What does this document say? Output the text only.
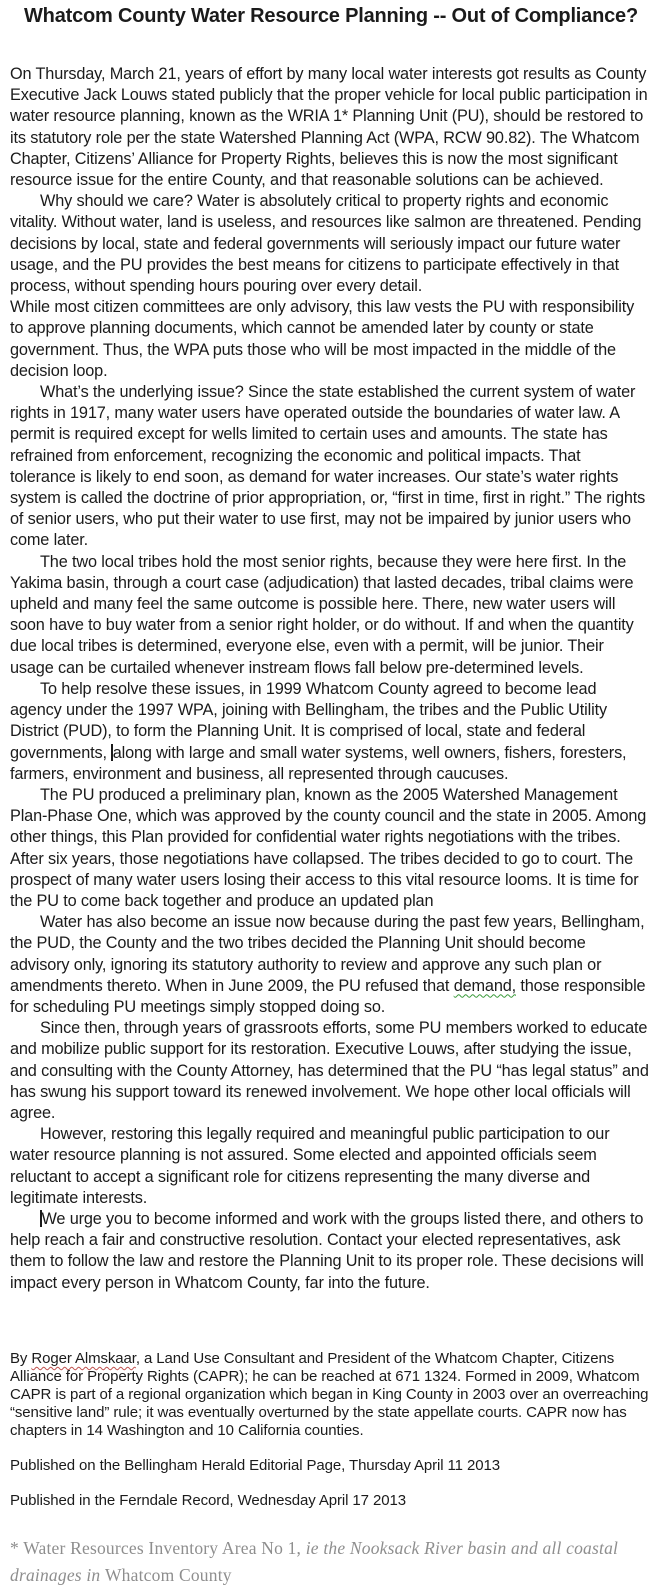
Whatcom County Water Resource Planning -- Out of Compliance?

On Thursday, March 21, years of effort by many local water interests got results as County Executive Jack Louws stated publicly that the proper vehicle for local public participation in water resource planning, known as the WRIA 1* Planning Unit (PU), should be restored to its statutory role per the state Watershed Planning Act (WPA, RCW 90.82). The Whatcom Chapter, Citizens’ Alliance for Property Rights, believes this is now the most significant resource issue for the entire County, and that reasonable solutions can be achieved.

Why should we care? Water is absolutely critical to property rights and economic vitality. Without water, land is useless, and resources like salmon are threatened. Pending decisions by local, state and federal governments will seriously impact our future water usage, and the PU provides the best means for citizens to participate effectively in that process, without spending hours pouring over every detail.

While most citizen committees are only advisory, this law vests the PU with responsibility to approve planning documents, which cannot be amended later by county or state government. Thus, the WPA puts those who will be most impacted in the middle of the decision loop.

What’s the underlying issue? Since the state established the current system of water rights in 1917, many water users have operated outside the boundaries of water law. A permit is required except for wells limited to certain uses and amounts. The state has refrained from enforcement, recognizing the economic and political impacts. That tolerance is likely to end soon, as demand for water increases. Our state’s water rights system is called the doctrine of prior appropriation, or, “first in time, first in right.” The rights of senior users, who put their water to use first, may not be impaired by junior users who come later.

The two local tribes hold the most senior rights, because they were here first. In the Yakima basin, through a court case (adjudication) that lasted decades, tribal claims were upheld and many feel the same outcome is possible here. There, new water users will soon have to buy water from a senior right holder, or do without. If and when the quantity due local tribes is determined, everyone else, even with a permit, will be junior. Their usage can be curtailed whenever instream flows fall below pre-determined levels.

To help resolve these issues, in 1999 Whatcom County agreed to become lead agency under the 1997 WPA, joining with Bellingham, the tribes and the Public Utility District (PUD), to form the Planning Unit. It is comprised of local, state and federal governments, along with large and small water systems, well owners, fishers, foresters, farmers, environment and business, all represented through caucuses.

The PU produced a preliminary plan, known as the 2005 Watershed Management Plan-Phase One, which was approved by the county council and the state in 2005. Among other things, this Plan provided for confidential water rights negotiations with the tribes. After six years, those negotiations have collapsed. The tribes decided to go to court. The prospect of many water users losing their access to this vital resource looms. It is time for the PU to come back together and produce an updated plan

Water has also become an issue now because during the past few years, Bellingham, the PUD, the County and the two tribes decided the Planning Unit should become advisory only, ignoring its statutory authority to review and approve any such plan or amendments thereto. When in June 2009, the PU refused that demand, those responsible for scheduling PU meetings simply stopped doing so.

Since then, through years of grassroots efforts, some PU members worked to educate and mobilize public support for its restoration. Executive Louws, after studying the issue, and consulting with the County Attorney, has determined that the PU “has legal status” and has swung his support toward its renewed involvement. We hope other local officials will agree.

However, restoring this legally required and meaningful public participation to our water resource planning is not assured. Some elected and appointed officials seem reluctant to accept a significant role for citizens representing the many diverse and legitimate interests.

We urge you to become informed and work with the groups listed there, and others to help reach a fair and constructive resolution. Contact your elected representatives, ask them to follow the law and restore the Planning Unit to its proper role. These decisions will impact every person in Whatcom County, far into the future.

By Roger Almskaar, a Land Use Consultant and President of the Whatcom Chapter, Citizens Alliance for Property Rights (CAPR); he can be reached at 671 1324. Formed in 2009, Whatcom CAPR is part of a regional organization which began in King County in 2003 over an overreaching “sensitive land” rule; it was eventually overturned by the state appellate courts. CAPR now has chapters in 14 Washington and 10 California counties.

Published on the Bellingham Herald Editorial Page, Thursday April 11 2013

Published in the Ferndale Record, Wednesday April 17 2013

* Water Resources Inventory Area No 1, ie the Nooksack River basin and all coastal drainages in Whatcom County
